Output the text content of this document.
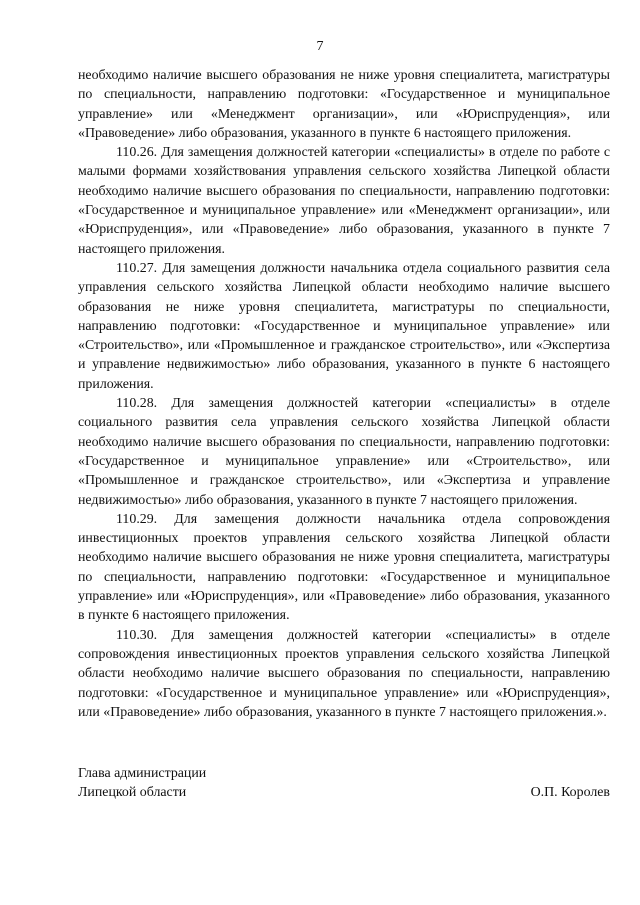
7

необходимо наличие высшего образования не ниже уровня специалитета, магистратуры по специальности, направлению подготовки: «Государственное и муниципальное управление» или «Менеджмент организации», или «Юриспруденция», или «Правоведение» либо образования, указанного в пункте 6 настоящего приложения.

110.26. Для замещения должностей категории «специалисты» в отделе по работе с малыми формами хозяйствования управления сельского хозяйства Липецкой области необходимо наличие высшего образования по специальности, направлению подготовки: «Государственное и муниципальное управление» или «Менеджмент организации», или «Юриспруденция», или «Правоведение» либо образования, указанного в пункте 7 настоящего приложения.

110.27. Для замещения должности начальника отдела социального развития села управления сельского хозяйства Липецкой области необходимо наличие высшего образования не ниже уровня специалитета, магистратуры по специальности, направлению подготовки: «Государственное и муниципальное управление» или «Строительство», или «Промышленное и гражданское строительство», или «Экспертиза и управление недвижимостью» либо образования, указанного в пункте 6 настоящего приложения.

110.28. Для замещения должностей категории «специалисты» в отделе социального развития села управления сельского хозяйства Липецкой области необходимо наличие высшего образования по специальности, направлению подготовки: «Государственное и муниципальное управление» или «Строительство», или «Промышленное и гражданское строительство», или «Экспертиза и управление недвижимостью» либо образования, указанного в пункте 7 настоящего приложения.

110.29. Для замещения должности начальника отдела сопровождения инвестиционных проектов управления сельского хозяйства Липецкой области необходимо наличие высшего образования не ниже уровня специалитета, магистратуры по специальности, направлению подготовки: «Государственное и муниципальное управление» или «Юриспруденция», или «Правоведение» либо образования, указанного в пункте 6 настоящего приложения.

110.30. Для замещения должностей категории «специалисты» в отделе сопровождения инвестиционных проектов управления сельского хозяйства Липецкой области необходимо наличие высшего образования по специальности, направлению подготовки: «Государственное и муниципальное управление» или «Юриспруденция», или «Правоведение» либо образования, указанного в пункте 7 настоящего приложения.».

Глава администрации
Липецкой области	О.П. Королев
